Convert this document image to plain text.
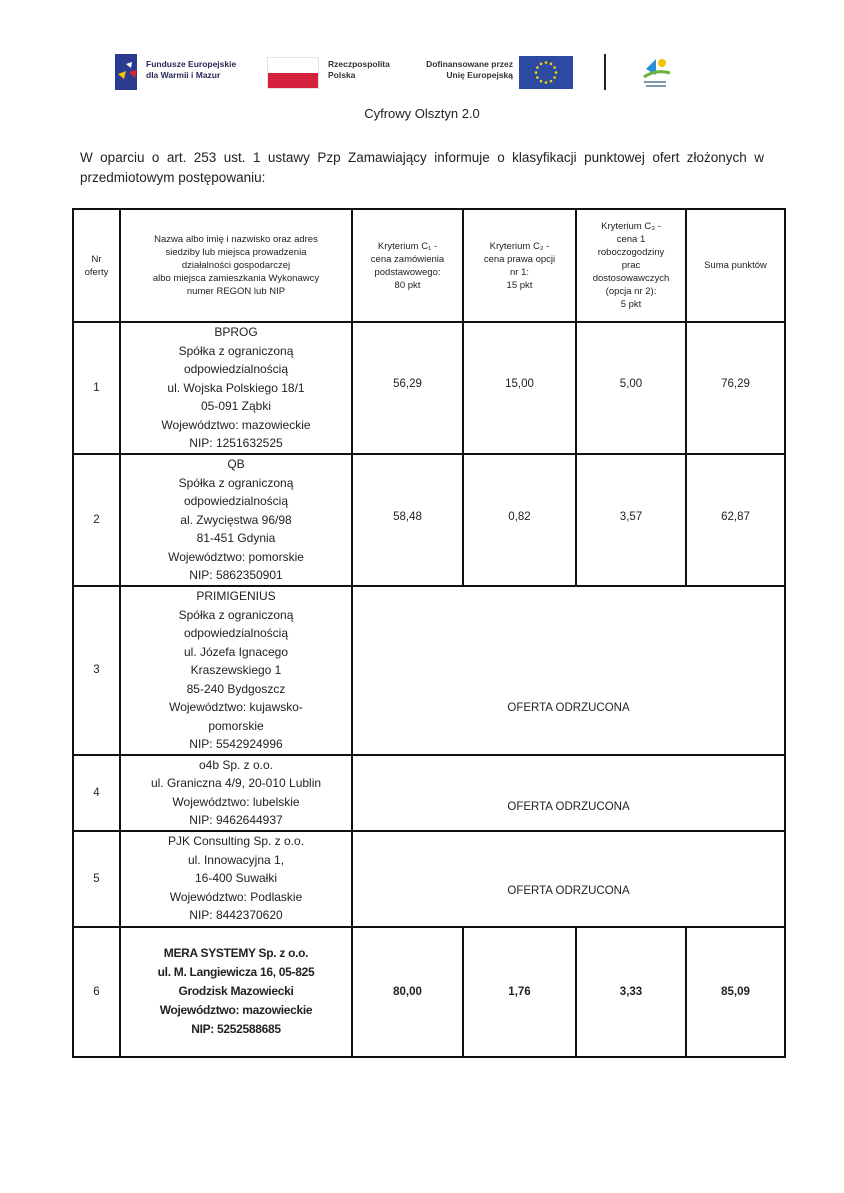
Fundusze Europejskie
dla Warmii i Mazur
Rzeczpospolita
Polska
Dofinansowane przez
Unię Europejską
Cyfrowy Olsztyn 2.0
W oparciu o art. 253 ust. 1 ustawy Pzp Zamawiający informuje o klasyfikacji punktowej ofert złożonych w przedmiotowym postępowaniu:
Nr
oferty

Nazwa albo imię i nazwisko oraz adres
siedziby lub miejsca prowadzenia
działalności gospodarczej
albo miejsca zamieszkania Wykonawcy
numer REGON lub NIP

Kryterium C₁ -
cena zamówienia
podstawowego:
80 pkt

Kryterium C₂ -
cena prawa opcji
nr 1:
15 pkt

Kryterium C₃ -
cena 1
roboczogodziny
prac
dostosowawczych
(opcja nr 2):
5 pkt

Suma punktów

1	
BPROG
Spółka z ograniczoną
odpowiedzialnością
ul. Wojska Polskiego 18/1
05-091 Ząbki
Województwo: mazowieckie
NIP: 1251632525
	56,29	15,00	5,00	76,29
2	
QB
Spółka z ograniczoną
odpowiedzialnością
al. Zwycięstwa 96/98
81-451 Gdynia
Województwo: pomorskie
NIP: 5862350901
	58,48	0,82	3,57	62,87
3	
PRIMIGENIUS
Spółka z ograniczoną
odpowiedzialnością
ul. Józefa Ignacego
Kraszewskiego 1
85-240 Bydgoszcz
Województwo: kujawsko-
pomorskie
NIP: 5542924996
	OFERTA ODRZUCONA
4	o4b Sp. z o.o.
ul. Graniczna 4/9, 20-010 Lublin
Województwo: lubelskie
NIP: 9462644937	OFERTA ODRZUCONA			
5	PJK Consulting Sp. z o.o.
ul. Innowacyjna 1,
16-400 Suwałki
Województwo: Podlaskie
NIP: 8442370620	OFERTA ODRZUCONA			
6	MERA SYSTEMY Sp. z o.o.
ul. M. Langiewicza 16, 05-825
Grodzisk Mazowiecki
Województwo: mazowieckie
NIP: 5252588685	80,00	1,76	3,33	85,09
